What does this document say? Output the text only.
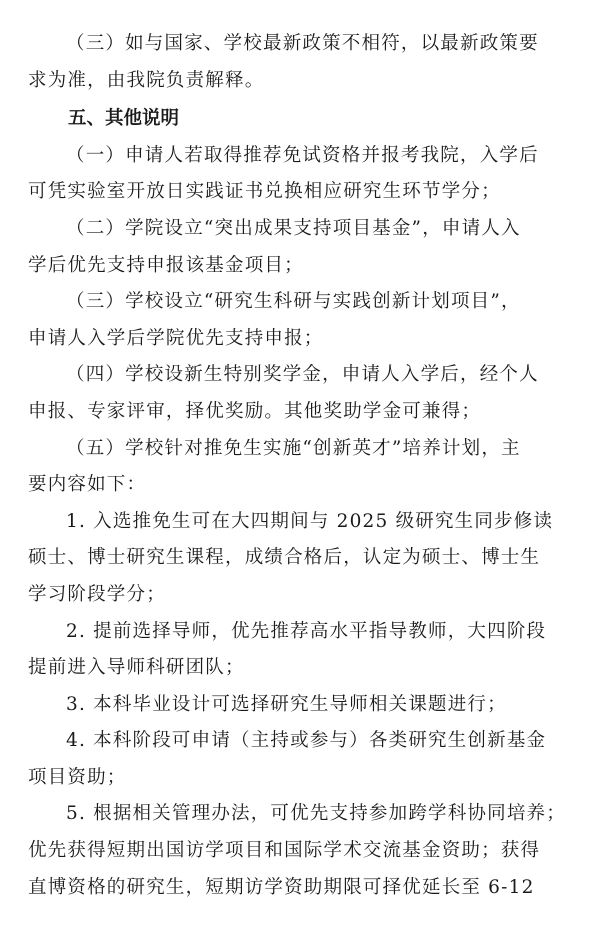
（三）如与国家、学校最新政策不相符，以最新政策要
求为准，由我院负责解释。
五、其他说明
（一）申请人若取得推荐免试资格并报考我院，入学后
可凭实验室开放日实践证书兑换相应研究生环节学分；
（二）学院设立“突出成果支持项目基金”，申请人入
学后优先支持申报该基金项目；
（三）学校设立“研究生科研与实践创新计划项目”，
申请人入学后学院优先支持申报；
（四）学校设新生特别奖学金，申请人入学后，经个人
申报、专家评审，择优奖励。其他奖助学金可兼得；
（五）学校针对推免生实施“创新英才”培养计划，主
要内容如下：
1. 入选推免生可在大四期间与 2025 级研究生同步修读
硕士、博士研究生课程，成绩合格后，认定为硕士、博士生
学习阶段学分；
2. 提前选择导师，优先推荐高水平指导教师，大四阶段
提前进入导师科研团队；
3. 本科毕业设计可选择研究生导师相关课题进行；
4. 本科阶段可申请（主持或参与）各类研究生创新基金
项目资助；
5. 根据相关管理办法，可优先支持参加跨学科协同培养；
优先获得短期出国访学项目和国际学术交流基金资助；获得
直博资格的研究生，短期访学资助期限可择优延长至 6-12
